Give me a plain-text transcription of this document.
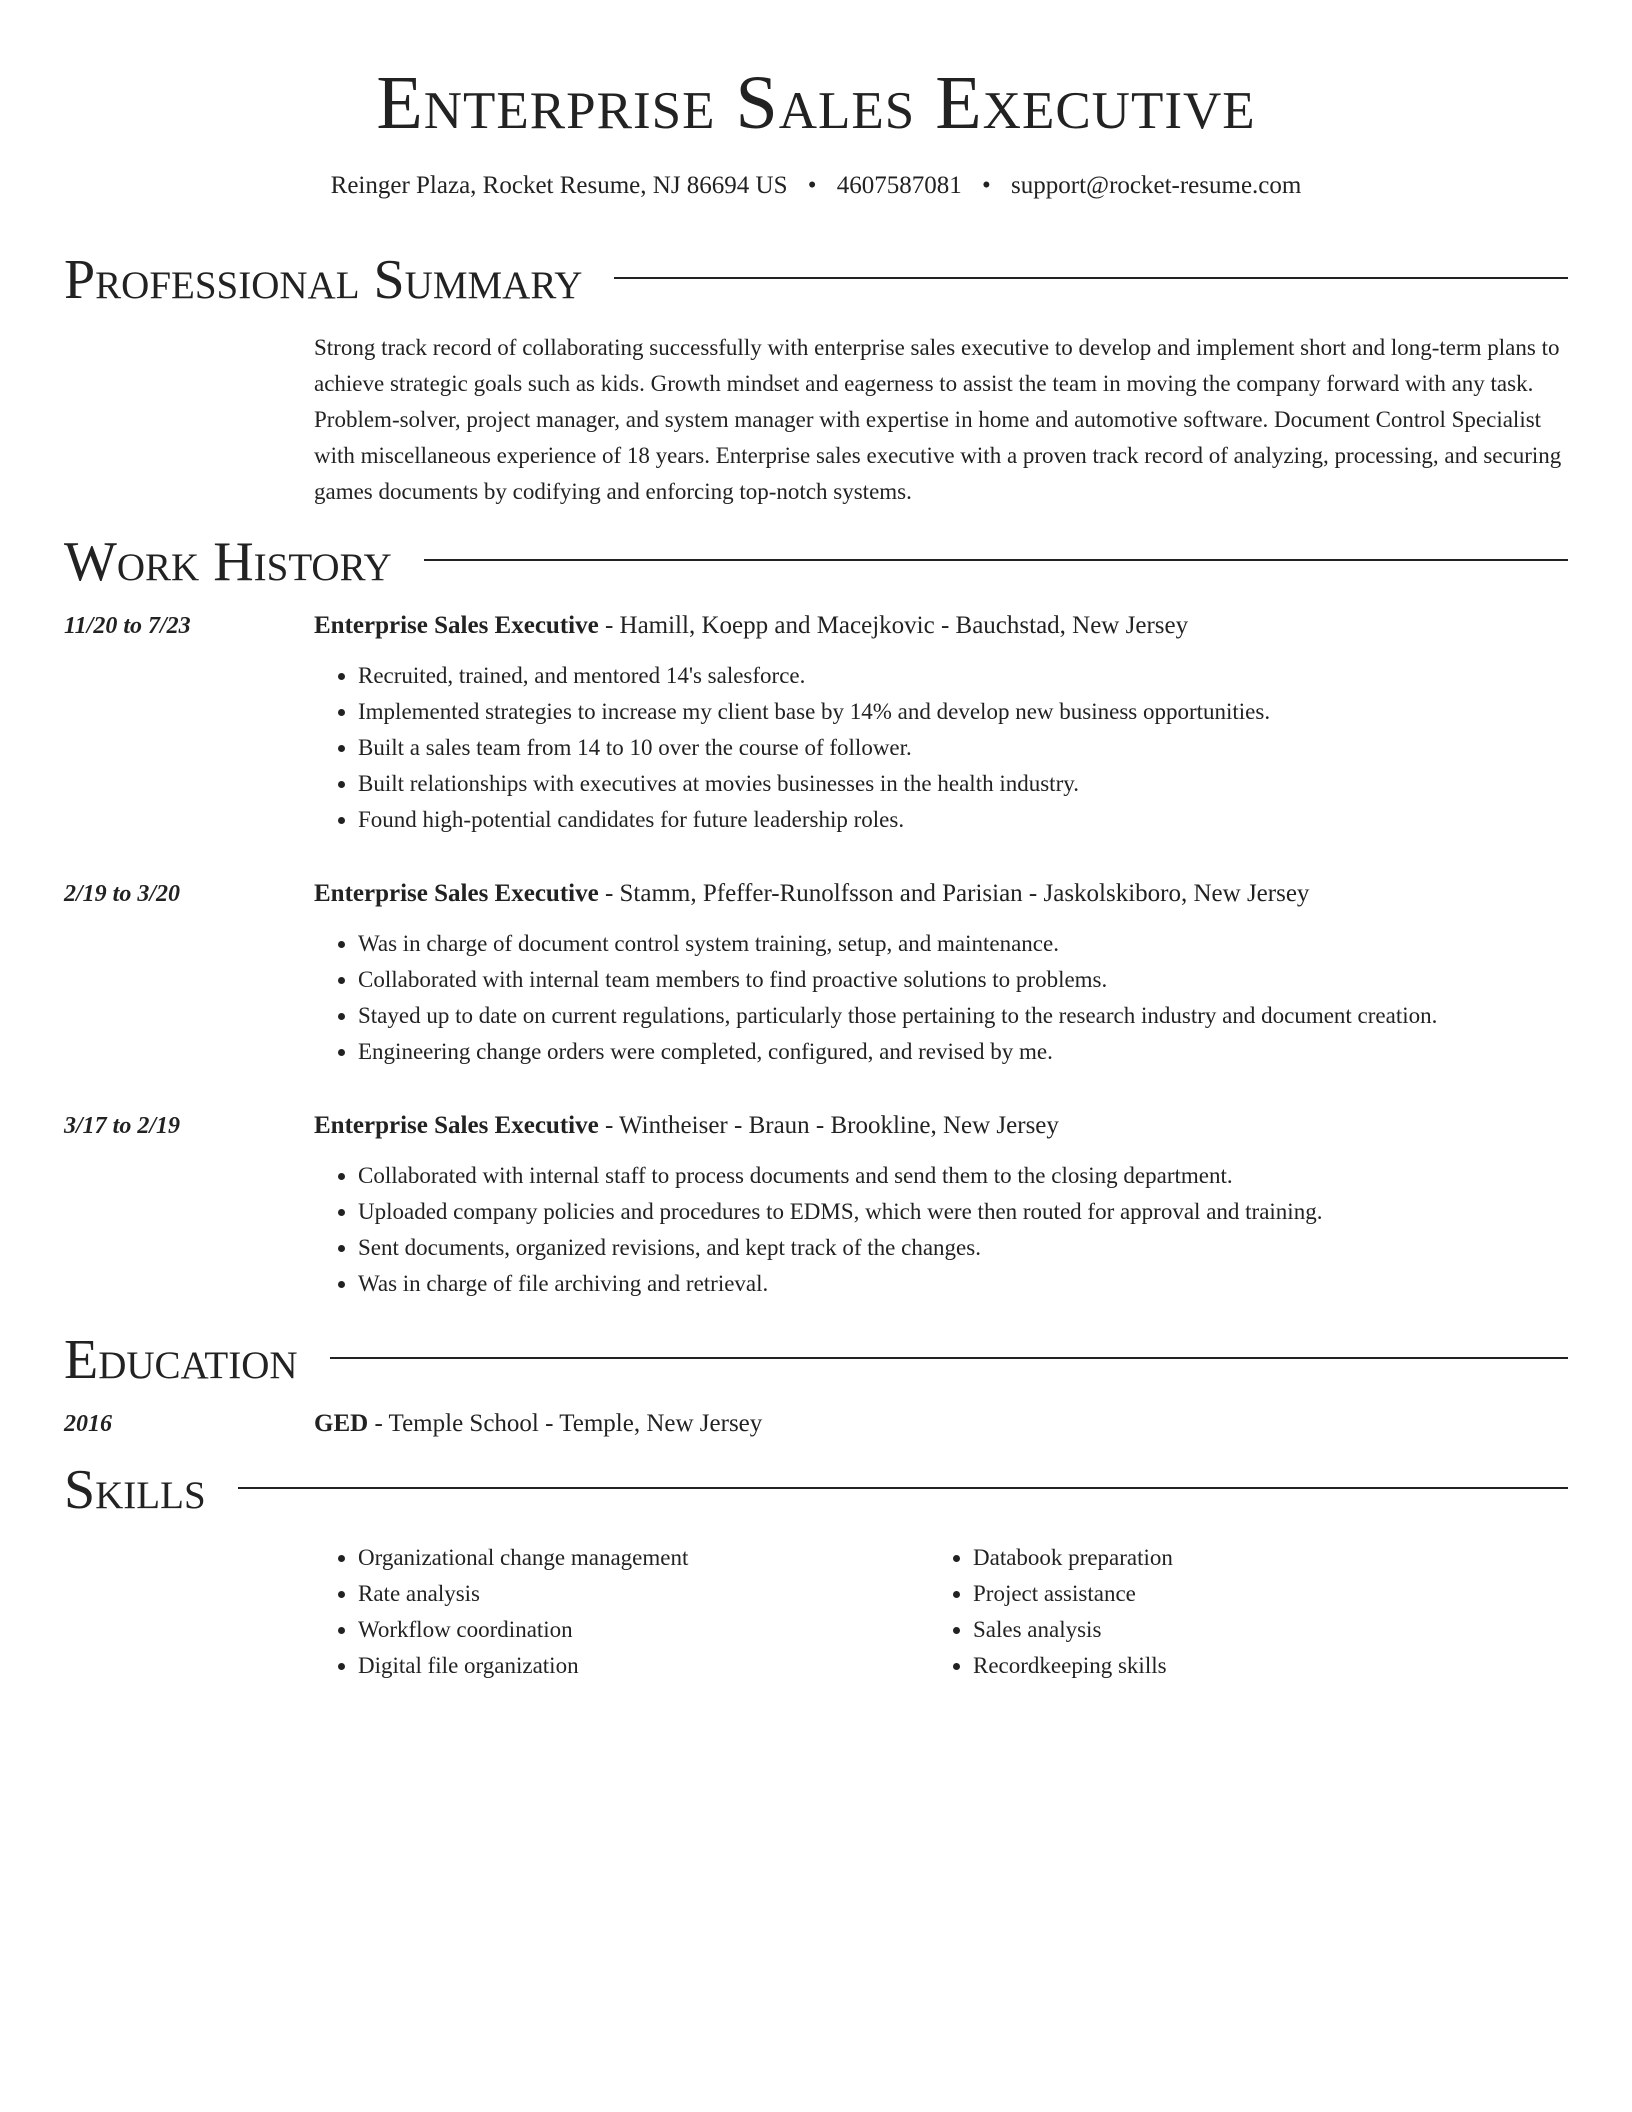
Enterprise Sales Executive
Reinger Plaza, Rocket Resume, NJ 86694 US • 4607587081 • support@rocket-resume.com
Professional Summary
Strong track record of collaborating successfully with enterprise sales executive to develop and implement short and long-term plans to achieve strategic goals such as kids. Growth mindset and eagerness to assist the team in moving the company forward with any task. Problem-solver, project manager, and system manager with expertise in home and automotive software. Document Control Specialist with miscellaneous experience of 18 years. Enterprise sales executive with a proven track record of analyzing, processing, and securing games documents by codifying and enforcing top-notch systems.
Work History
11/20 to 7/23	Enterprise Sales Executive - Hamill, Koepp and Macejkovic - Bauchstad, New Jersey
• Recruited, trained, and mentored 14's salesforce.
• Implemented strategies to increase my client base by 14% and develop new business opportunities.
• Built a sales team from 14 to 10 over the course of follower.
• Built relationships with executives at movies businesses in the health industry.
• Found high-potential candidates for future leadership roles.
2/19 to 3/20	Enterprise Sales Executive - Stamm, Pfeffer-Runolfsson and Parisian - Jaskolskiboro, New Jersey
• Was in charge of document control system training, setup, and maintenance.
• Collaborated with internal team members to find proactive solutions to problems.
• Stayed up to date on current regulations, particularly those pertaining to the research industry and document creation.
• Engineering change orders were completed, configured, and revised by me.
3/17 to 2/19	Enterprise Sales Executive - Wintheiser - Braun - Brookline, New Jersey
• Collaborated with internal staff to process documents and send them to the closing department.
• Uploaded company policies and procedures to EDMS, which were then routed for approval and training.
• Sent documents, organized revisions, and kept track of the changes.
• Was in charge of file archiving and retrieval.
Education
2016	GED - Temple School - Temple, New Jersey
Skills
• Organizational change management
• Rate analysis
• Workflow coordination
• Digital file organization
• Databook preparation
• Project assistance
• Sales analysis
• Recordkeeping skills
